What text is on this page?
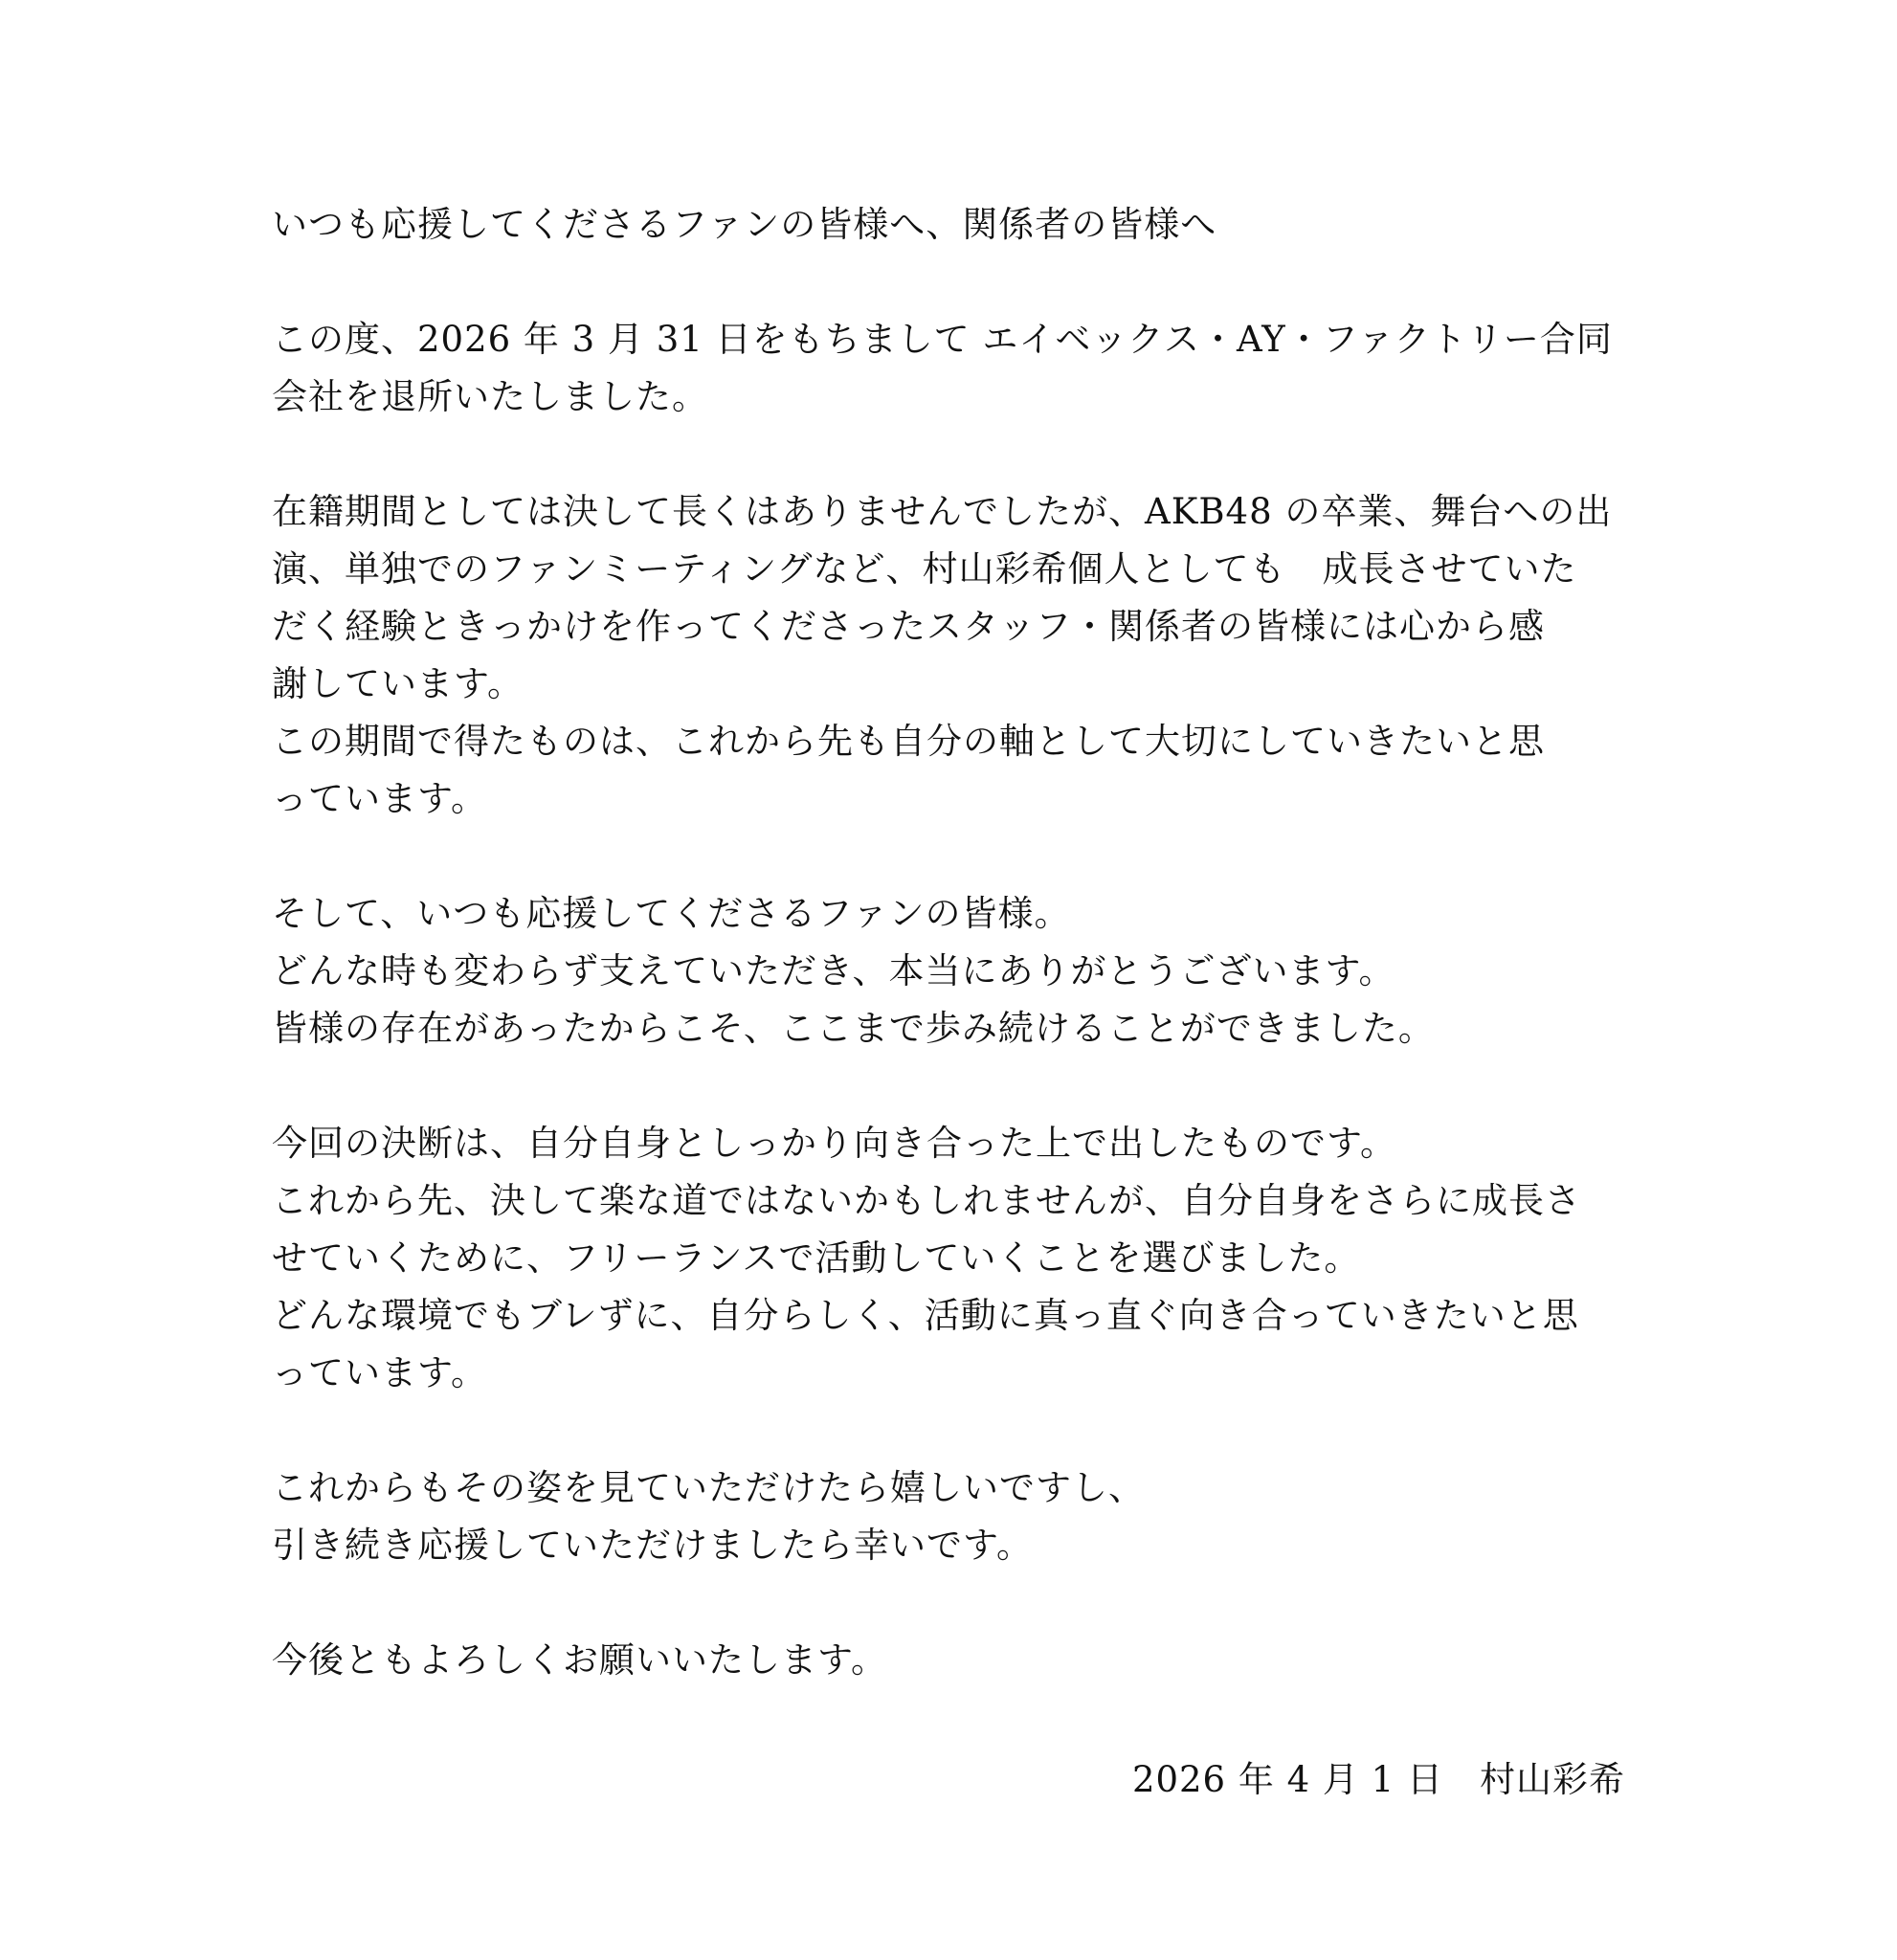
いつも応援してくださるファンの皆様へ、関係者の皆様へ
この度、2026 年 3 月 31 日をもちまして エイベックス・AY・ファクトリー合同
会社を退所いたしました。
在籍期間としては決して長くはありませんでしたが、AKB48 の卒業、舞台への出
演、単独でのファンミーティングなど、村山彩希個人としても　成長させていた
だく経験ときっかけを作ってくださったスタッフ・関係者の皆様には心から感
謝しています。
この期間で得たものは、これから先も自分の軸として大切にしていきたいと思
っています。
そして、いつも応援してくださるファンの皆様。
どんな時も変わらず支えていただき、本当にありがとうございます。
皆様の存在があったからこそ、ここまで歩み続けることができました。
今回の決断は、自分自身としっかり向き合った上で出したものです。
これから先、決して楽な道ではないかもしれませんが、自分自身をさらに成長さ
せていくために、フリーランスで活動していくことを選びました。
どんな環境でもブレずに、自分らしく、活動に真っ直ぐ向き合っていきたいと思
っています。
これからもその姿を見ていただけたら嬉しいですし、
引き続き応援していただけましたら幸いです。
今後ともよろしくお願いいたします。
2026 年 4 月 1 日　村山彩希
